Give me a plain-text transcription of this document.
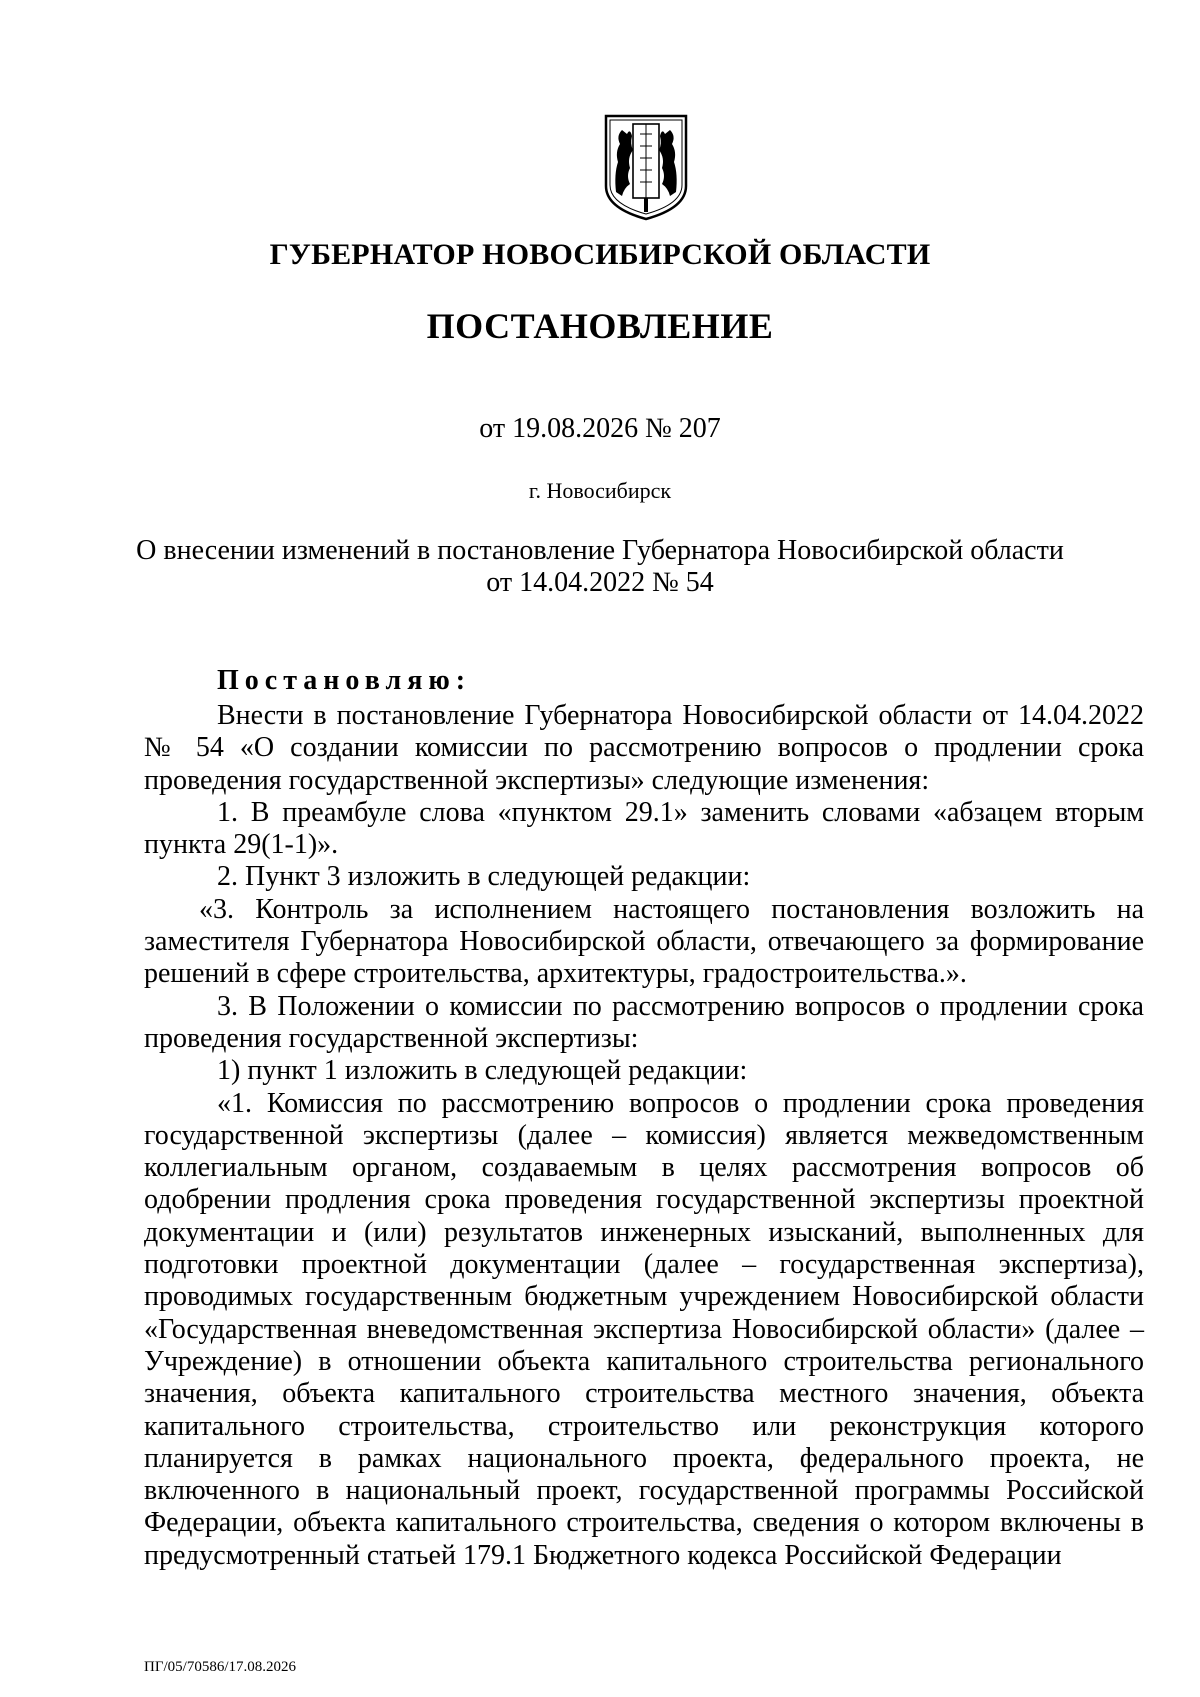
ГУБЕРНАТОР НОВОСИБИРСКОЙ ОБЛАСТИ
ПОСТАНОВЛЕНИЕ
от 19.08.2026 № 207
г. Новосибирск
О внесении изменений в постановление Губернатора Новосибирской области
от 14.04.2022 № 54
Постановляю:

Внести в постановление Губернатора Новосибирской области от 14.04.2022 № 54 «О создании комиссии по рассмотрению вопросов о продлении срока проведения государственной экспертизы» следующие изменения:

1. В преамбуле слова «пунктом 29.1» заменить словами «абзацем вторым пункта 29(1-1)».

2. Пункт 3 изложить в следующей редакции:

«3. Контроль за исполнением настоящего постановления возложить на заместителя Губернатора Новосибирской области, отвечающего за формирование решений в сфере строительства, архитектуры, градостроительства.».

3. В Положении о комиссии по рассмотрению вопросов о продлении срока проведения государственной экспертизы:

1) пункт 1 изложить в следующей редакции:

«1. Комиссия по рассмотрению вопросов о продлении срока проведения государственной экспертизы (далее – комиссия) является межведомственным коллегиальным органом, создаваемым в целях рассмотрения вопросов об одобрении продления срока проведения государственной экспертизы проектной документации и (или) результатов инженерных изысканий, выполненных для подготовки проектной документации (далее – государственная экспертиза), проводимых государственным бюджетным учреждением Новосибирской области «Государственная вневедомственная экспертиза Новосибирской области» (далее – Учреждение) в отношении объекта капитального строительства регионального значения, объекта капитального строительства местного значения, объекта капитального строительства, строительство или реконструкция которого планируется в рамках национального проекта, федерального проекта, не включенного в национальный проект, государственной программы Российской Федерации, объекта капитального строительства, сведения о котором включены в предусмотренный статьей 179.1 Бюджетного кодекса Российской Федерации

ПГ/05/70586/17.08.2026
